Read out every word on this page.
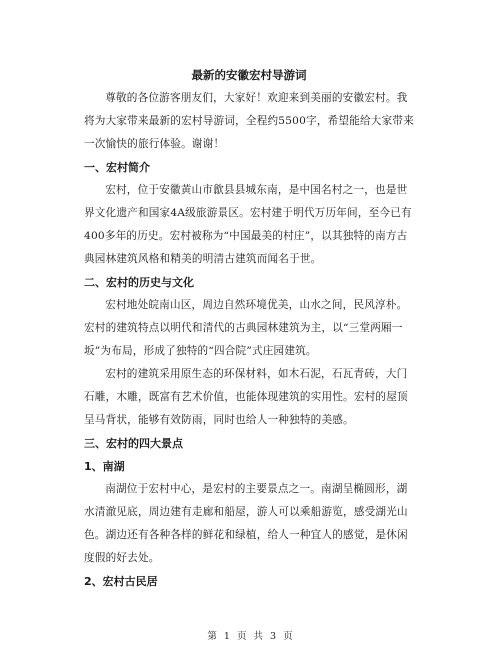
最新的安徽宏村导游词

尊敬的各位游客朋友们，大家好！欢迎来到美丽的安徽宏村。我将为大家带来最新的宏村导游词，全程约5500字，希望能给大家带来一次愉快的旅行体验。谢谢！

一、宏村简介

宏村，位于安徽黄山市歙县县城东南，是中国名村之一，也是世界文化遗产和国家4A级旅游景区。宏村建于明代万历年间，至今已有400多年的历史。宏村被称为“中国最美的村庄”，以其独特的南方古典园林建筑风格和精美的明清古建筑而闻名于世。

二、宏村的历史与文化

宏村地处皖南山区，周边自然环境优美，山水之间，民风淳朴。宏村的建筑特点以明代和清代的古典园林建筑为主，以“三堂两厢一坂”为布局，形成了独特的“四合院”式庄园建筑。

宏村的建筑采用原生态的环保材料，如木石泥，石瓦青砖，大门石雕，木雕，既富有艺术价值，也能体现建筑的实用性。宏村的屋顶呈马背状，能够有效防雨，同时也给人一种独特的美感。

三、宏村的四大景点

1、南湖

南湖位于宏村中心，是宏村的主要景点之一。南湖呈椭圆形，湖水清澈见底，周边建有走廊和船屋，游人可以乘船游览，感受湖光山色。湖边还有各种各样的鲜花和绿植，给人一种宜人的感觉，是休闲度假的好去处。

2、宏村古民居

第 1 页 共 3 页
